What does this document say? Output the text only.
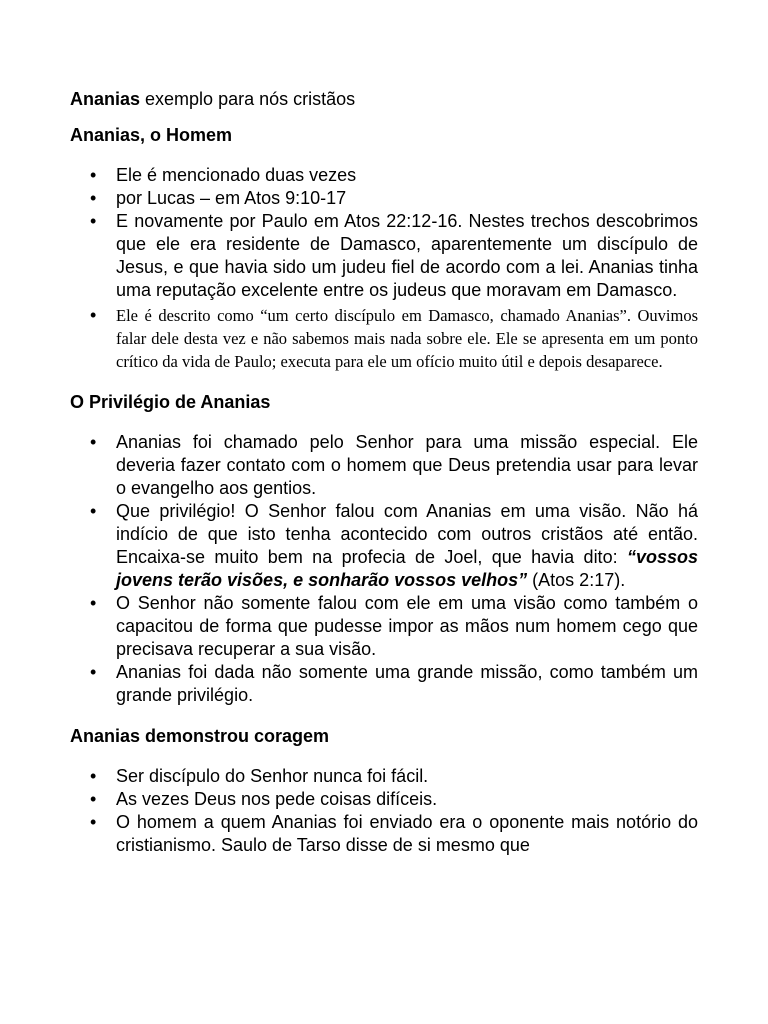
Ananias exemplo para nós cristãos

Ananias, o Homem
• Ele é mencionado duas vezes
• por Lucas – em Atos 9:10-17
• E novamente por Paulo em Atos 22:12-16. Nestes trechos descobrimos que ele era residente de Damasco, aparentemente um discípulo de Jesus, e que havia sido um judeu fiel de acordo com a lei. Ananias tinha uma reputação excelente entre os judeus que moravam em Damasco.
• Ele é descrito como “um certo discípulo em Damasco, chamado Ananias”. Ouvimos falar dele desta vez e não sabemos mais nada sobre ele. Ele se apresenta em um ponto crítico da vida de Paulo; executa para ele um ofício muito útil e depois desaparece.
O Privilégio de Ananias
• Ananias foi chamado pelo Senhor para uma missão especial. Ele deveria fazer contato com o homem que Deus pretendia usar para levar o evangelho aos gentios.
• Que privilégio! O Senhor falou com Ananias em uma visão. Não há indício de que isto tenha acontecido com outros cristãos até então. Encaixa-se muito bem na profecia de Joel, que havia dito: “vossos jovens terão visões, e sonharão vossos velhos” (Atos 2:17).
• O Senhor não somente falou com ele em uma visão como também o capacitou de forma que pudesse impor as mãos num homem cego que precisava recuperar a sua visão.
• Ananias foi dada não somente uma grande missão, como também um grande privilégio.
Ananias demonstrou coragem
• Ser discípulo do Senhor nunca foi fácil.
• As vezes Deus nos pede coisas difíceis.
• O homem a quem Ananias foi enviado era o oponente mais notório do cristianismo. Saulo de Tarso disse de si mesmo que
